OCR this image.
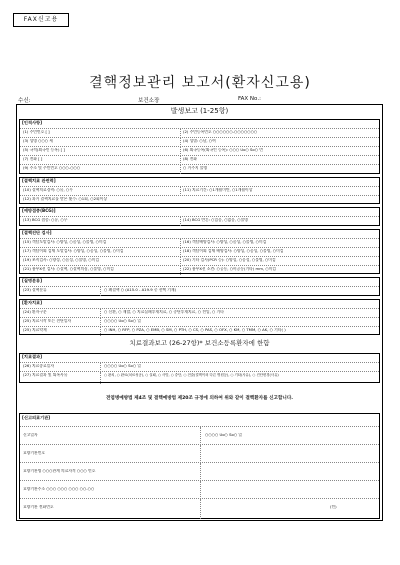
FAX신고용
결핵정보관리 보고서(환자신고용)
수신:	보건소장	FAX No.:
발생보고 (1-25항)
[인적사항]
(1) 주민번호 [ ]	(2) 주민등록번호 ○○○○○○-○○○○○○○
(3) 성명 ○○○ 세	(4) 성별: ○남, ○여
(5) 국적(외국인 등록) [ ]	(6) 외국등록(외국인 등록): ○○○ Uo○ So○ 번
(7) 전화 [ ]	(8) 전화
(9) 주소 및 주민번호 ○○○-○○○	○ 거주지 불명
[결핵치료 관련력]
(10) 결핵치료경력: ○유, ○무	(11) 치료기간: ○1개월미만, ○1개월이상
(12) 과거 결핵치료를 받은 횟수: ○1회, ○2회이상
[예방접종(BCG)]
(13) BCG 접종: ○유, ○무	(14) BCG 반흔: ○있음, ○없음, ○불명
[결핵진단 검사]
(15) 객담도말검사: ○양성, ○음성, ○불명, ○미검	(16) 객담배양검사: ○양성, ○음성, ○불명, ○미검
(17) 객담이외 검체 도말검사: ○양성, ○음성, ○불명, ○미검	(18) 객담이외 검체 배양검사: ○양성, ○음성, ○불명, ○미검
(19) 조직검사: ○양성, ○음성, ○불명, ○미검	(20) 기타 검사(PCR 등): ○양성, ○음성, ○불명, ○미검
(21) 흉부X선 검사: ○결핵, ○결핵의심, ○불명, ○미검	(22) 흉부X선 소견: ○공동, ○비공동(기타) mm, ○미검
[질병분류]
(23) 결핵분류	○ 폐결핵 ○ (A15.0 - A19.9 중 선택 기재)
[환자치료]
(24) 환자구분	○ 신환, ○ 재발, ○ 치료실패후재치료, ○ 중단후재치료, ○ 전입, ○ 기타
(25) 치료시작 또는 진단일자	○○○○ Uo○ So○ 일
(25) 치료약제	○ INH, ○ RFP, ○ PZA, ○ EMB, ○ SM, ○ PTH, ○ CS, ○ PAS, ○ OFX, ○ KM, ○ TMM, ○ AK, ○ 기타( )
치료결과보고 (26-27항)* 보건소등록환자에 한함
[치료결과]
(26) 치료종료일자	○○○○ Uo○ So○ 일
(27) 치료결과 및 퇴록사유	○ 완치, ○ 완료(치료성공), ○ 실패, ○ 사망, ○ 중단, ○ 전출(결핵이외 다른 병원등), ○ 기타(사유), ○ 진단변경(사유)
전염병예방법 제4조 및 결핵예방법 제20조 규정에 의하여 위와 같이 결핵환자를 신고합니다.
[신고의료기관]
신고일자	○○○○ Uo○ So○ 일
요양기관번호
요양기관명 ○○○관계 의료자격 ○○○ 번호
요양기관주소 ○○○ ○○○ ○○○ ○○-○○
요양기관 전화번호	(인)
